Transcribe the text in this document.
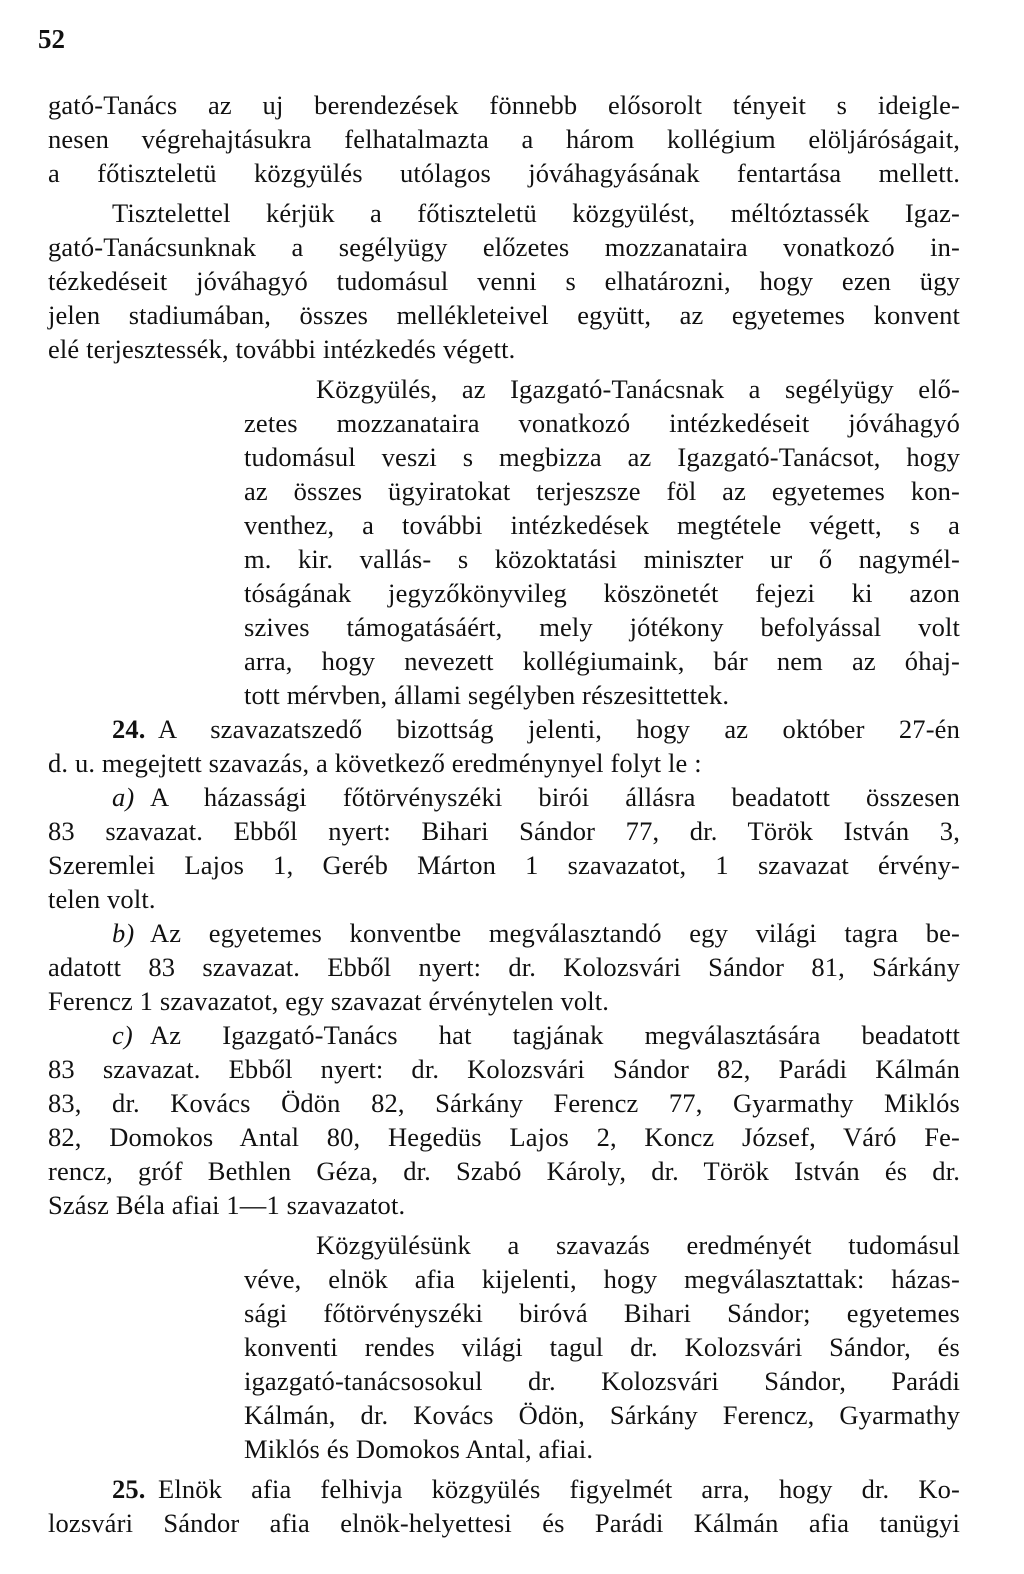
52
gató-Tanács az uj berendezések fönnebb elősorolt tényeit s ideigle-
nesen végrehajtásukra felhatalmazta a három kollégium elöljáróságait,
a főtiszteletü közgyülés utólagos jóváhagyásának fentartása mellett.
Tisztelettel kérjük a főtiszteletü közgyülést, méltóztassék Igaz-
gató-Tanácsunknak a segélyügy előzetes mozzanataira vonatkozó in-
tézkedéseit jóváhagyó tudomásul venni s elhatározni, hogy ezen ügy
jelen stadiumában, összes mellékleteivel együtt, az egyetemes konvent
elé terjesztessék, további intézkedés végett.
Közgyülés, az Igazgató-Tanácsnak a segélyügy elő-
zetes mozzanataira vonatkozó intézkedéseit jóváhagyó
tudomásul veszi s megbizza az Igazgató-Tanácsot, hogy
az összes ügyiratokat terjeszsze föl az egyetemes kon-
venthez, a további intézkedések megtétele végett, s a
m. kir. vallás- s közoktatási miniszter ur ő nagymél-
tóságának jegyzőkönyvileg köszönetét fejezi ki azon
szives támogatásáért, mely jótékony befolyással volt
arra, hogy nevezett kollégiumaink, bár nem az óhaj-
tott mérvben, állami segélyben részesittettek.
24. A szavazatszedő bizottság jelenti, hogy az október 27-én
d. u. megejtett szavazás, a következő eredménynyel folyt le :
a) A házassági főtörvényszéki birói állásra beadatott összesen
83 szavazat. Ebből nyert: Bihari Sándor 77, dr. Török István 3,
Szeremlei Lajos 1, Geréb Márton 1 szavazatot, 1 szavazat érvény-
telen volt.
b) Az egyetemes konventbe megválasztandó egy világi tagra be-
adatott 83 szavazat. Ebből nyert: dr. Kolozsvári Sándor 81, Sárkány
Ferencz 1 szavazatot, egy szavazat érvénytelen volt.
c) Az Igazgató-Tanács hat tagjának megválasztására beadatott
83 szavazat. Ebből nyert: dr. Kolozsvári Sándor 82, Parádi Kálmán
83, dr. Kovács Ödön 82, Sárkány Ferencz 77, Gyarmathy Miklós
82, Domokos Antal 80, Hegedüs Lajos 2, Koncz József, Váró Fe-
rencz, gróf Bethlen Géza, dr. Szabó Károly, dr. Török István és dr.
Szász Béla afiai 1—1 szavazatot.
Közgyülésünk a szavazás eredményét tudomásul
véve, elnök afia kijelenti, hogy megválasztattak: házas-
sági főtörvényszéki biróvá Bihari Sándor; egyetemes
konventi rendes világi tagul dr. Kolozsvári Sándor, és
igazgató-tanácsosokul dr. Kolozsvári Sándor, Parádi
Kálmán, dr. Kovács Ödön, Sárkány Ferencz, Gyarmathy
Miklós és Domokos Antal, afiai.
25. Elnök afia felhivja közgyülés figyelmét arra, hogy dr. Ko-
lozsvári Sándor afia elnök-helyettesi és Parádi Kálmán afia tanügyi
